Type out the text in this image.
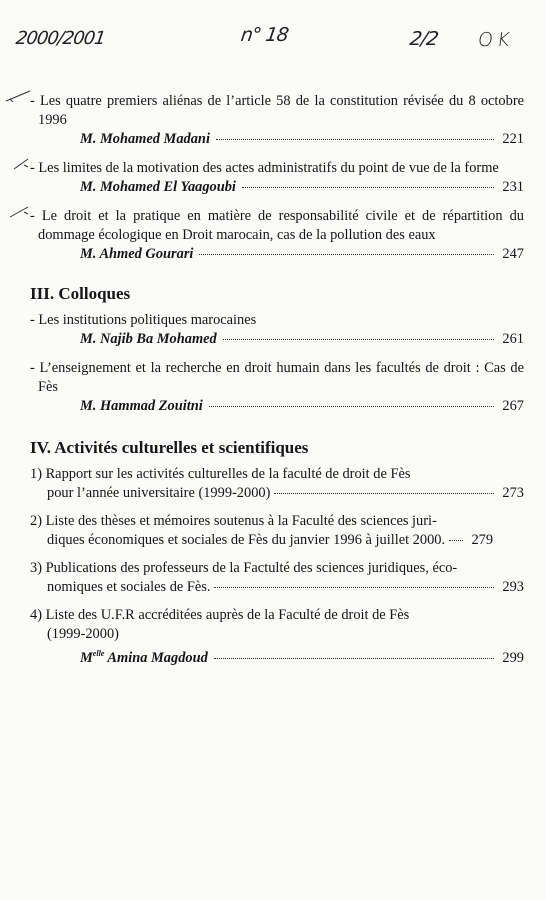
2000/2001	n° 18	2/2 OK
- Les quatre premiers aliénas de l’article 58 de la constitution révisée du 8 octobre 1996
M. Mohamed Madani	221
- Les limites de la motivation des actes administratifs du point de vue de la forme
M. Mohamed El Yaagoubi	231
- Le droit et la pratique en matière de responsabilité civile et de répartition du dommage écologique en Droit marocain, cas de la pollution des eaux
M. Ahmed Gourari	247
III. Colloques
- Les institutions politiques marocaines
M. Najib Ba Mohamed	261
- L’enseignement et la recherche en droit humain dans les facultés de droit : Cas de Fès
M. Hammad Zouitni	267
IV. Activités culturelles et scientifiques
1) Rapport sur les activités culturelles de la faculté de droit de Fès
pour l’année universitaire (1999-2000)	273
2) Liste des thèses et mémoires soutenus à la Faculté des sciences juri-
diques économiques et sociales de Fès du janvier 1996 à juillet 2000.	279
3) Publications des professeurs de la Factulté des sciences juridiques, éco-
nomiques et sociales de Fès.	293
4) Liste des U.F.R accréditées auprès de la Faculté de droit de Fès
(1999-2000)
$M^{elle}$ Amina Magdoud	299
